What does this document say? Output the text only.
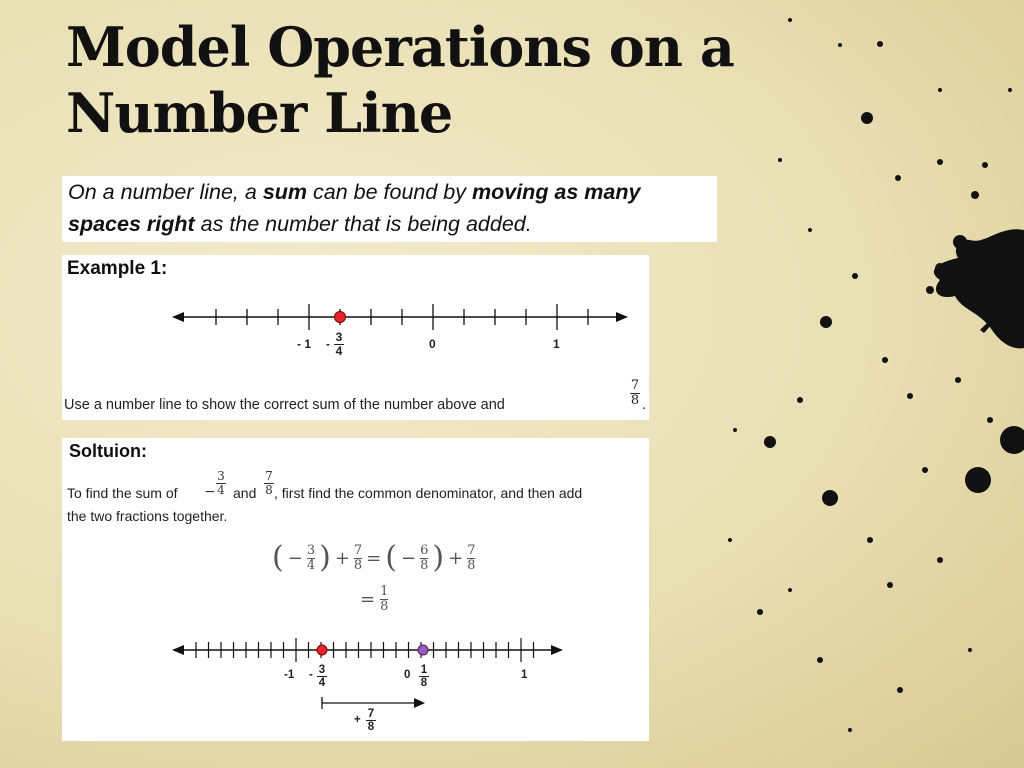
Model Operations on a
Number Line
On a number line, a sum can be found by moving as many spaces right as the number that is being added.
Example 1:
- $1 - \frac{3}{4}$	0	1
Use a number line to show the correct sum of the number above and	$\frac{7}{8}$ .
Soltuion:
To find the sum of − $\frac{3}{4}$ and $\frac{7}{8}$ , first find the common denominator, and then add
the two fractions together.
( − $\frac{3}{4}$ ) + $\frac{7}{8}$ = ( − $\frac{6}{8}$ ) + $\frac{7}{8}$
= $\frac{1}{8}$
$-1 - \frac{3}{4}$	$0 \frac{1}{8}$	1
+ $\frac{7}{8}$
